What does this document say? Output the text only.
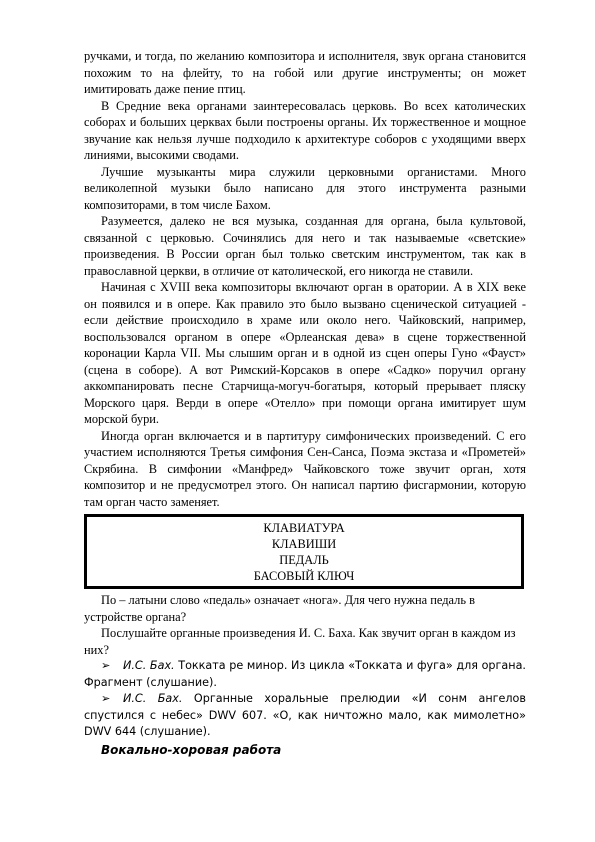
ручками, и тогда, по желанию композитора и исполнителя, звук органа становится похожим то на флейту, то на гобой или другие инструменты; он может имитировать даже пение птиц.

В Средние века органами заинтересовалась церковь. Во всех католических соборах и больших церквах были построены органы. Их торжественное и мощное звучание как нельзя лучше подходило к архитектуре соборов с уходящими вверх линиями, высокими сводами.

Лучшие музыканты мира служили церковными органистами. Много великолепной музыки было написано для этого инструмента разными композиторами, в том числе Бахом.

Разумеется, далеко не вся музыка, созданная для органа, была культовой, связанной с церковью. Сочинялись для него и так называемые «светские» произведения. В России орган был только светским инструментом, так как в православной церкви, в отличие от католической, его никогда не ставили.

Начиная с XVIII века композиторы включают орган в оратории. А в XIX веке он появился и в опере. Как правило это было вызвано сценической ситуацией - если действие происходило в храме или около него. Чайковский, например, воспользовался органом в опере «Орлеанская дева» в сцене торжественной коронации Карла VII. Мы слышим орган и в одной из сцен оперы Гуно «Фауст» (сцена в соборе). А вот Римский-Корсаков в опере «Садко» поручил органу аккомпанировать песне Старчища-могуч-богатыря, который прерывает пляску Морского царя. Верди в опере «Отелло» при помощи органа имитирует шум морской бури.

Иногда орган включается и в партитуру симфонических произведений. С его участием исполняются Третья симфония Сен-Санса, Поэма экстаза и «Прометей» Скрябина. В симфонии «Манфред» Чайковского тоже звучит орган, хотя композитор и не предусмотрел этого. Он написал партию фисгармонии, которую там орган часто заменяет.

КЛАВИАТУРА
КЛАВИШИ
ПЕДАЛЬ
БАСОВЫЙ КЛЮЧ

По – латыни слово «педаль» означает «нога». Для чего нужна педаль в устройстве органа?

Послушайте органные произведения И. С. Баха. Как звучит орган в каждом из них?

➢ И.С. Бах. Токката ре минор. Из цикла «Токката и фуга» для органа. Фрагмент (слушание).

➢ И.С. Бах. Органные хоральные прелюдии «И сонм ангелов спустился с небес» DWV 607. «О, как ничтожно мало, как мимолетно» DWV 644 (слушание).

Вокально-хоровая работа
